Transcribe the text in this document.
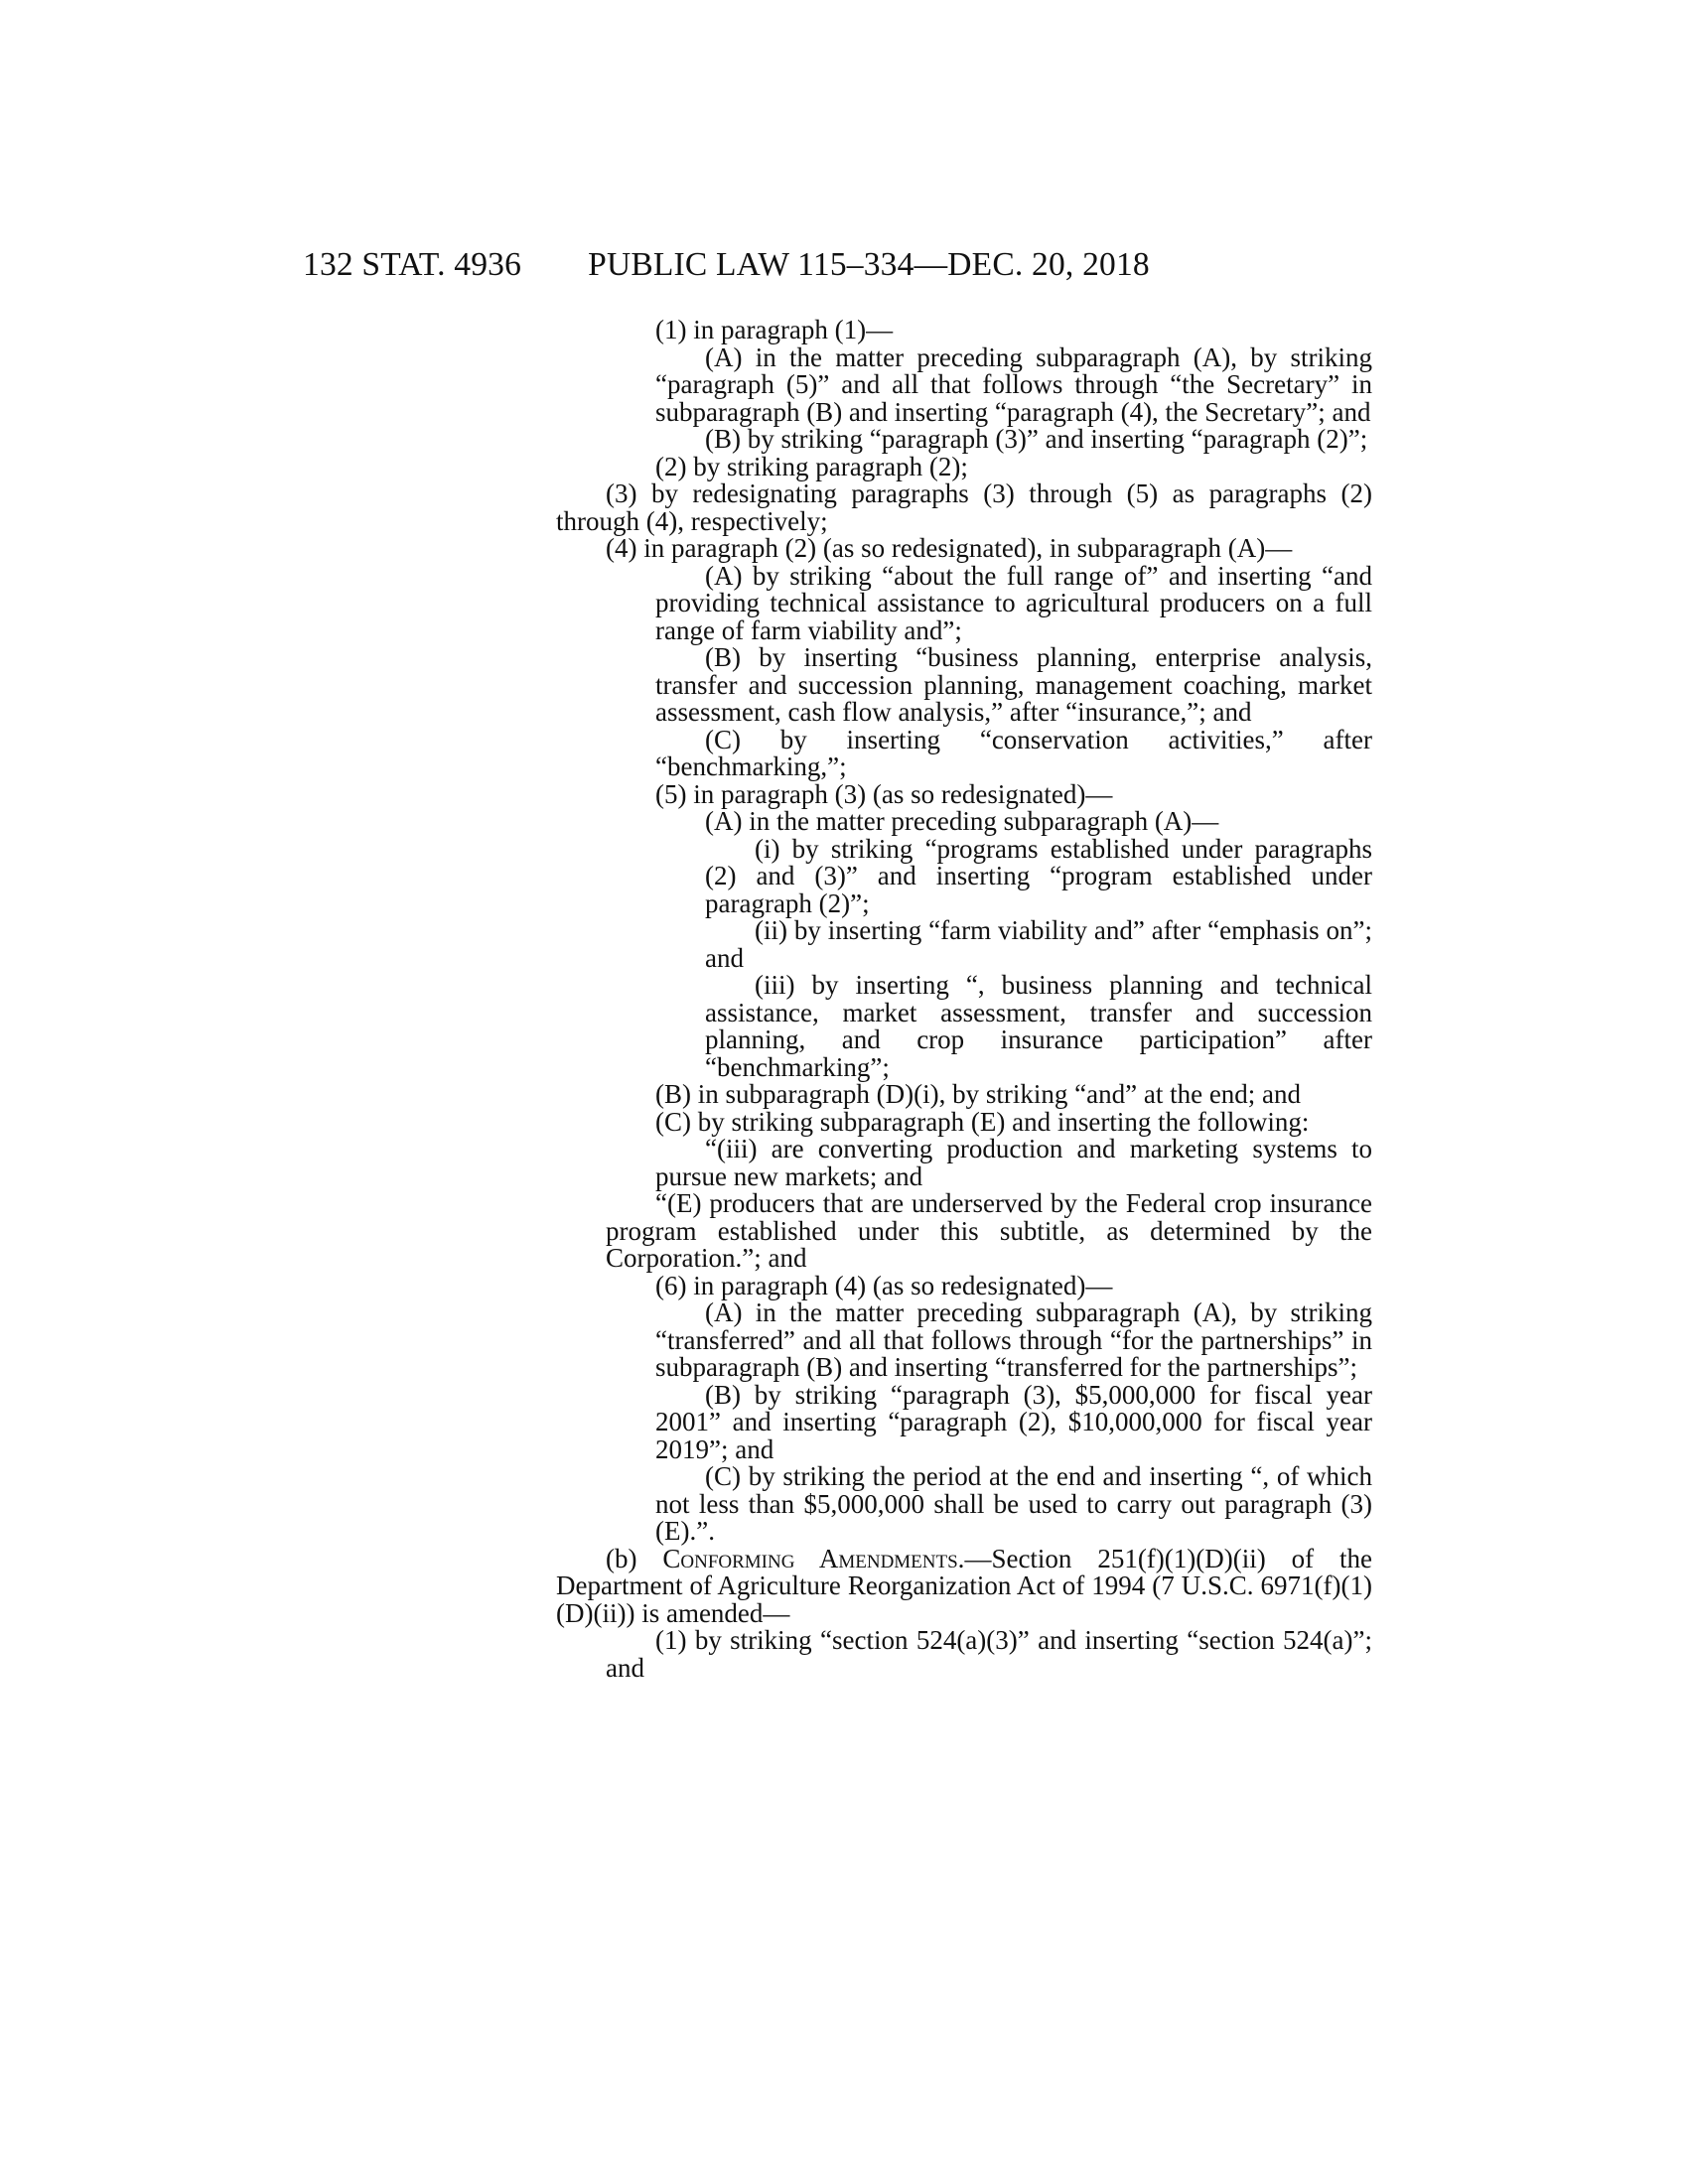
132 STAT. 4936	PUBLIC LAW 115–334—DEC. 20, 2018

(1) in paragraph (1)—

(A) in the matter preceding subparagraph (A), by striking “paragraph (5)” and all that follows through “the Secretary” in subparagraph (B) and inserting “paragraph (4), the Secretary”; and

(B) by striking “paragraph (3)” and inserting “paragraph (2)”;

(2) by striking paragraph (2);

(3) by redesignating paragraphs (3) through (5) as paragraphs (2) through (4), respectively;

(4) in paragraph (2) (as so redesignated), in subparagraph (A)—

(A) by striking “about the full range of” and inserting “and providing technical assistance to agricultural producers on a full range of farm viability and”;

(B) by inserting “business planning, enterprise analysis, transfer and succession planning, management coaching, market assessment, cash flow analysis,” after “insurance,”; and

(C) by inserting “conservation activities,” after “benchmarking,”;

(5) in paragraph (3) (as so redesignated)—

(A) in the matter preceding subparagraph (A)—

(i) by striking “programs established under paragraphs (2) and (3)” and inserting “program established under paragraph (2)”;

(ii) by inserting “farm viability and” after “emphasis on”; and

(iii) by inserting “, business planning and technical assistance, market assessment, transfer and succession planning, and crop insurance participation” after “benchmarking”;

(B) in subparagraph (D)(i), by striking “and” at the end; and

(C) by striking subparagraph (E) and inserting the following:

“(iii) are converting production and marketing systems to pursue new markets; and

“(E) producers that are underserved by the Federal crop insurance program established under this subtitle, as determined by the Corporation.”; and

(6) in paragraph (4) (as so redesignated)—

(A) in the matter preceding subparagraph (A), by striking “transferred” and all that follows through “for the partnerships” in subparagraph (B) and inserting “transferred for the partnerships”;

(B) by striking “paragraph (3), $5,000,000 for fiscal year 2001” and inserting “paragraph (2), $10,000,000 for fiscal year 2019”; and

(C) by striking the period at the end and inserting “, of which not less than $5,000,000 shall be used to carry out paragraph (3)(E).”.

(b) Conforming Amendments.—Section 251(f)(1)(D)(ii) of the Department of Agriculture Reorganization Act of 1994 (7 U.S.C. 6971(f)(1)(D)(ii)) is amended—

(1) by striking “section 524(a)(3)” and inserting “section 524(a)”; and
